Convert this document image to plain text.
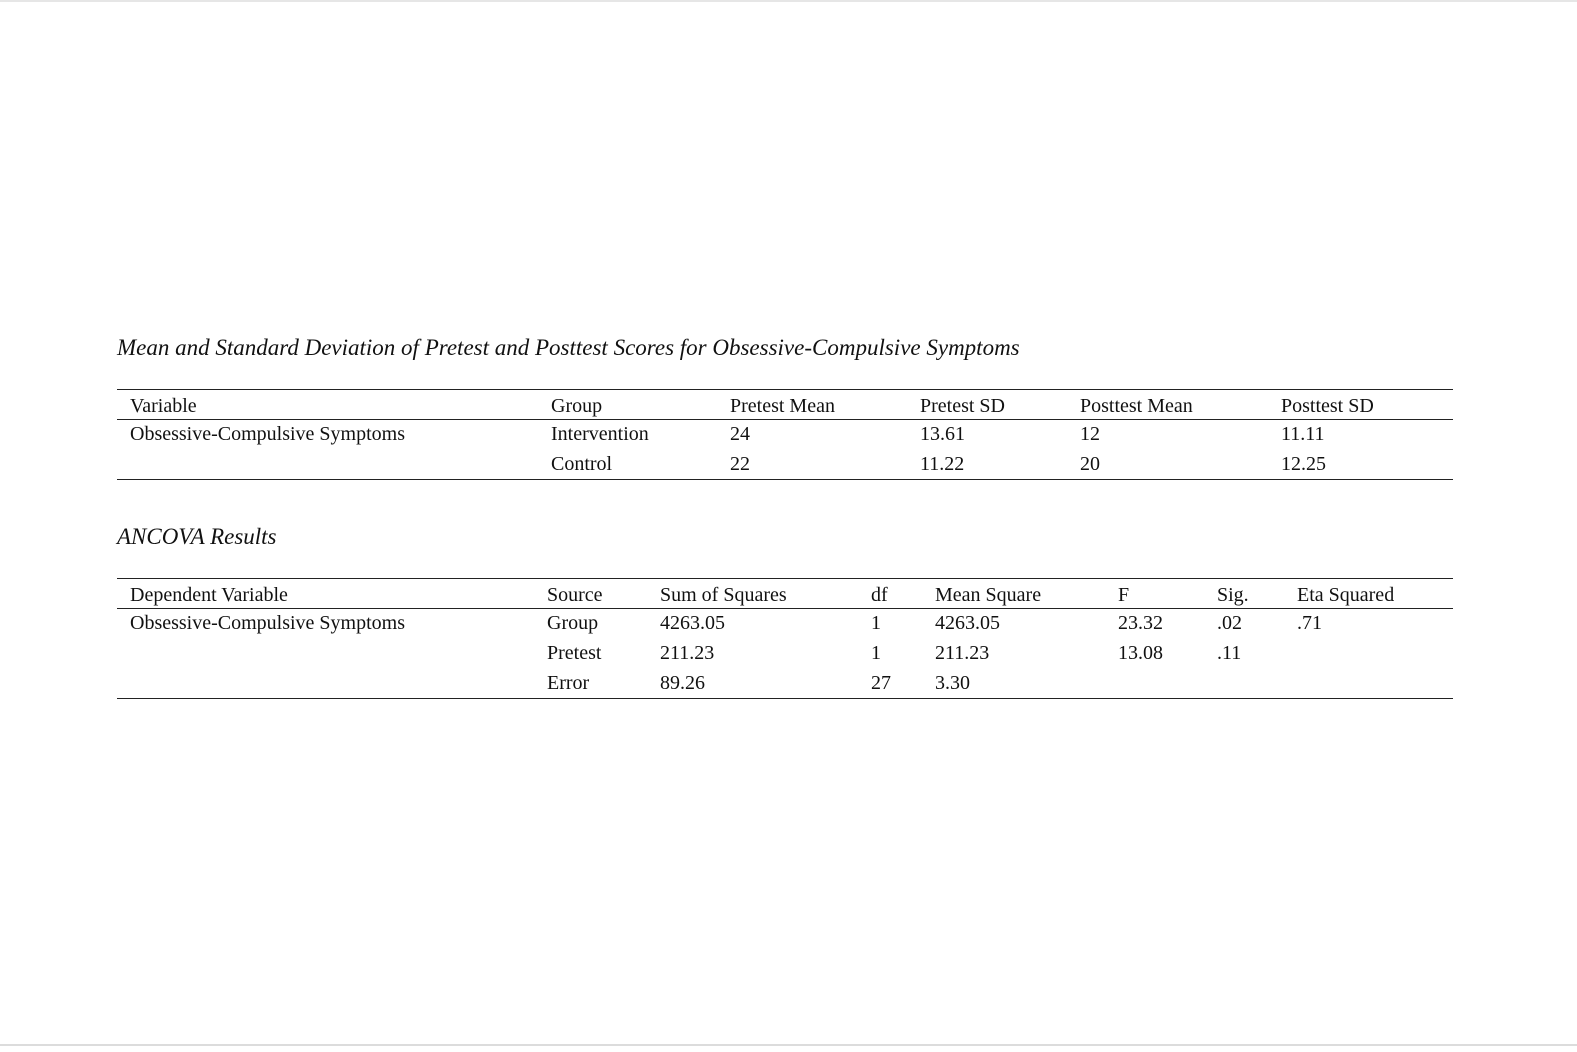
Mean and Standard Deviation of Pretest and Posttest Scores for Obsessive-Compulsive Symptoms
Variable	Group	Pretest Mean	Pretest SD	Posttest Mean	Posttest SD
Obsessive-Compulsive Symptoms	Intervention	24	13.61	12	11.11
	Control	22	11.22	20	12.25
ANCOVA Results
Dependent Variable	Source	Sum of Squares	df	Mean Square	F	Sig.	Eta Squared
Obsessive-Compulsive Symptoms	Group	4263.05	1	4263.05	23.32	.02	.71
	Pretest	211.23	1	211.23	13.08	.11	
	Error	89.26	27	3.30			
